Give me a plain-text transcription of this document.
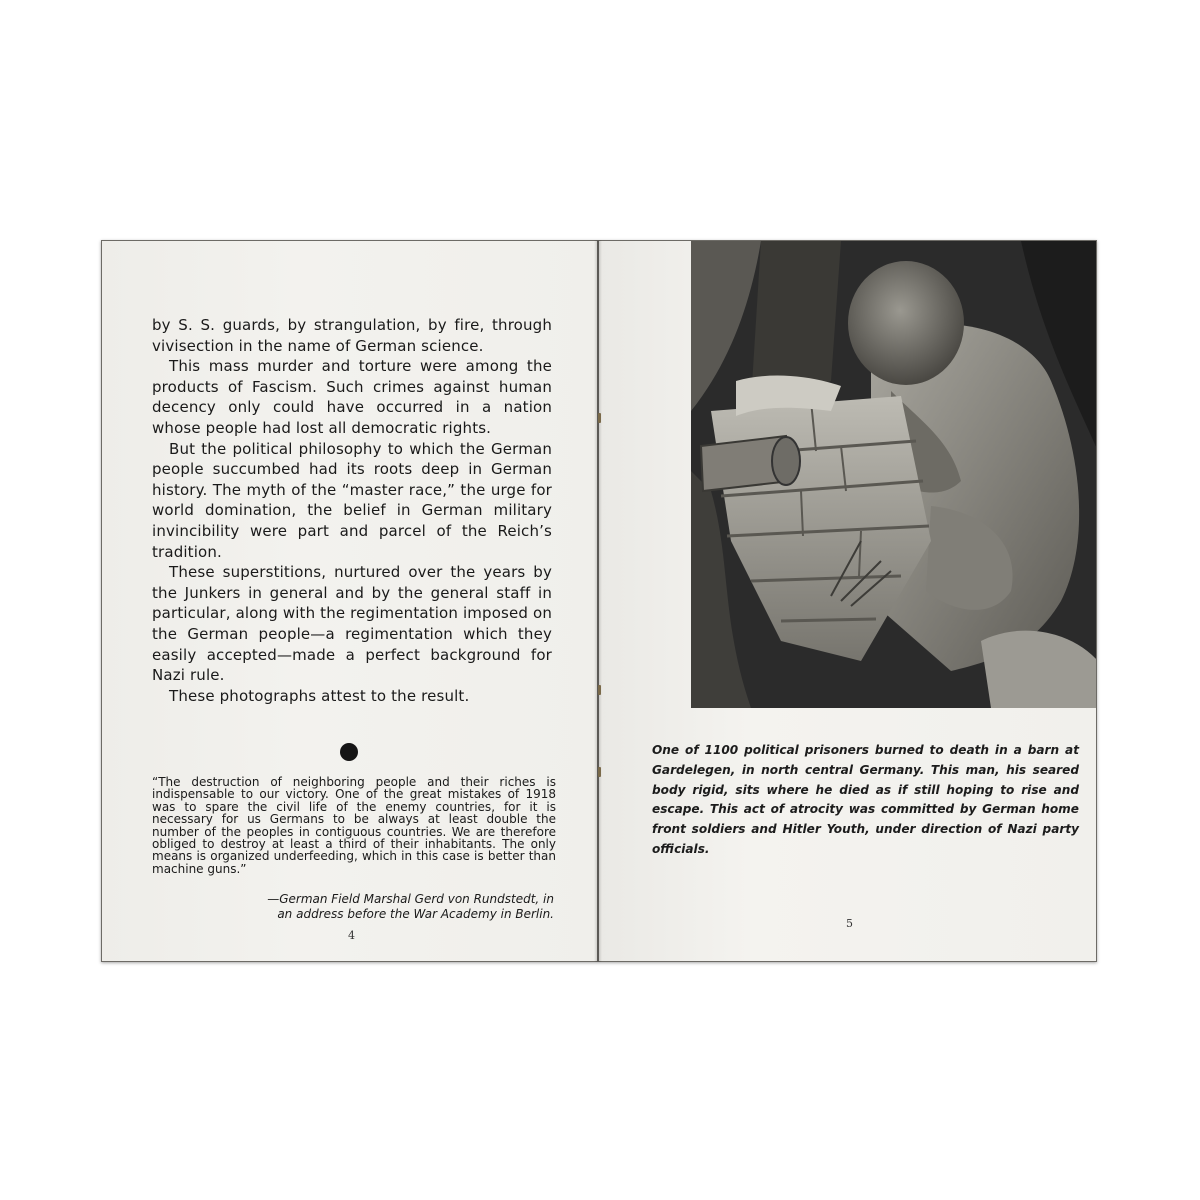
by S. S. guards, by strangulation, by fire, through vivisection in the name of German science.

This mass murder and torture were among the products of Fascism. Such crimes against human decency only could have occurred in a nation whose people had lost all democratic rights.

But the political philosophy to which the German people succumbed had its roots deep in German history. The myth of the “master race,” the urge for world domination, the belief in German military invincibility were part and parcel of the Reich’s tradition.

These superstitions, nurtured over the years by the Junkers in general and by the general staff in particular, along with the regimentation imposed on the German people—a regimentation which they easily accepted—made a perfect background for Nazi rule.

These photographs attest to the result.

“The destruction of neighboring people and their riches is indispensable to our victory. One of the great mistakes of 1918 was to spare the civil life of the enemy countries, for it is necessary for us Germans to be always at least double the number of the peoples in contiguous countries. We are therefore obliged to destroy at least a third of their inhabitants. The only means is organized underfeeding, which in this case is better than machine guns.”

—German Field Marshal Gerd von Rundstedt, in
an address before the War Academy in Berlin.
4

One of 1100 political prisoners burned to death in a barn at Gardelegen, in north central Germany. This man, his seared body rigid, sits where he died as if still hoping to rise and escape. This act of atrocity was committed by German home front soldiers and Hitler Youth, under direction of Nazi party officials.

5
